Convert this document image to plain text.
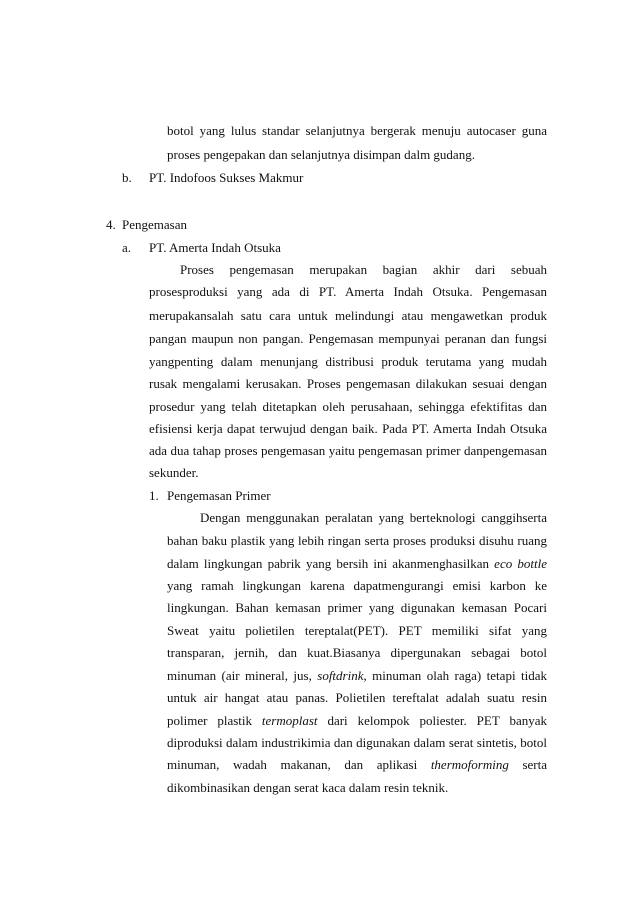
botol yang lulus standar selanjutnya bergerak menuju autocaser guna
proses pengepakan dan selanjutnya disimpan dalm gudang.
b. PT. Indofoos Sukses Makmur
4. Pengemasan
a. PT. Amerta Indah Otsuka
Proses pengemasan merupakan bagian akhir dari sebuah
prosesproduksi yang ada di PT. Amerta Indah Otsuka. Pengemasan
merupakansalah satu cara untuk melindungi atau mengawetkan produk
pangan maupun non pangan. Pengemasan mempunyai peranan dan fungsi
yangpenting dalam menunjang distribusi produk terutama yang mudah
rusak mengalami kerusakan. Proses pengemasan dilakukan sesuai dengan
prosedur yang telah ditetapkan oleh perusahaan, sehingga efektifitas dan
efisiensi kerja dapat terwujud dengan baik. Pada PT. Amerta Indah Otsuka
ada dua tahap proses pengemasan yaitu pengemasan primer danpengemasan
sekunder.
1. Pengemasan Primer
Dengan menggunakan peralatan yang berteknologi canggihserta
bahan baku plastik yang lebih ringan serta proses produksi disuhu ruang
dalam lingkungan pabrik yang bersih ini akanmenghasilkan eco bottle
yang ramah lingkungan karena dapatmengurangi emisi karbon ke
lingkungan. Bahan kemasan primer yang digunakan kemasan Pocari
Sweat yaitu polietilen tereptalat(PET). PET memiliki sifat yang
transparan, jernih, dan kuat.Biasanya dipergunakan sebagai botol
minuman (air mineral, jus, softdrink, minuman olah raga) tetapi tidak
untuk air hangat atau panas. Polietilen tereftalat adalah suatu resin
polimer plastik termoplast dari kelompok poliester. PET banyak
diproduksi dalam industrikimia dan digunakan dalam serat sintetis, botol
minuman, wadah makanan, dan aplikasi thermoforming serta
dikombinasikan dengan serat kaca dalam resin teknik.
